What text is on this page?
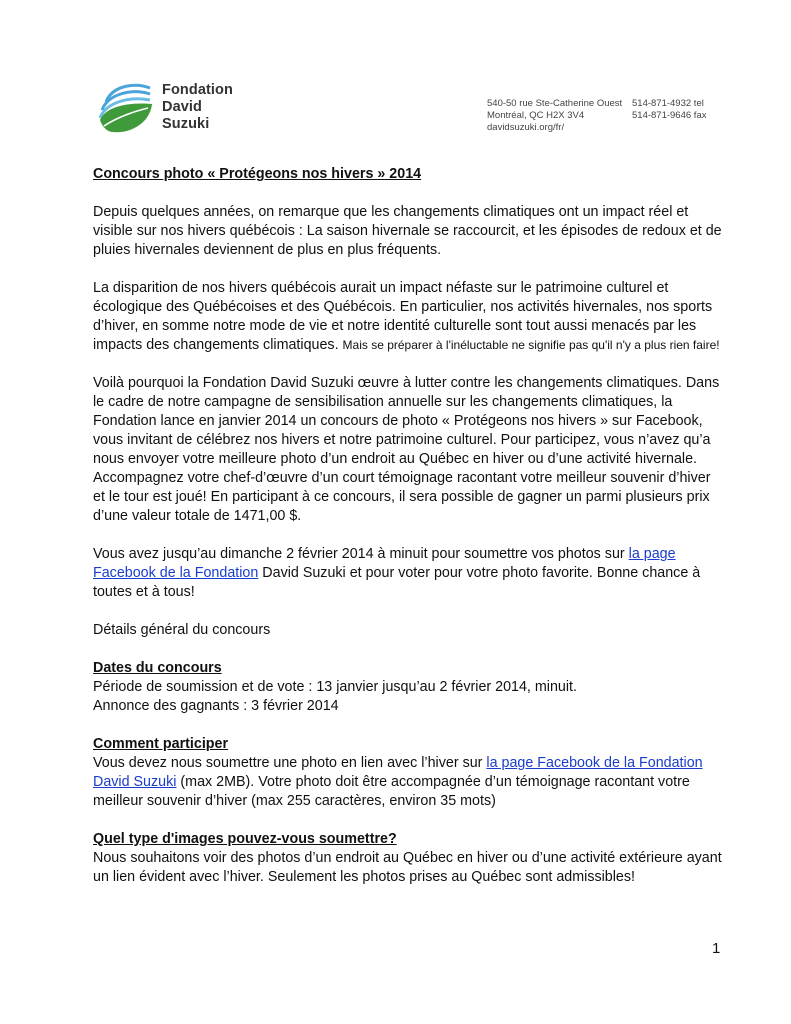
Fondation
David
Suzuki
540-50 rue Ste-Catherine Ouest
Montréal, QC H2X 3V4
davidsuzuki.org/fr/
514-871-4932 tel
514-871-9646 fax

Concours photo « Protégeons nos hivers » 2014

Depuis quelques années, on remarque que les changements climatiques ont un impact réel et visible sur nos hivers québécois : La saison hivernale se raccourcit, et les épisodes de redoux et de pluies hivernales deviennent de plus en plus fréquents.

La disparition de nos hivers québécois aurait un impact néfaste sur le patrimoine culturel et écologique des Québécoises et des Québécois. En particulier, nos activités hivernales, nos sports d’hiver, en somme notre mode de vie et notre identité culturelle sont tout aussi menacés par les impacts des changements climatiques. Mais se préparer à l'inéluctable ne signifie pas qu'il n'y a plus rien faire!

Voilà pourquoi la Fondation David Suzuki œuvre à lutter contre les changements climatiques. Dans le cadre de notre campagne de sensibilisation annuelle sur les changements climatiques, la Fondation lance en janvier 2014 un concours de photo « Protégeons nos hivers » sur Facebook, vous invitant de célébrez nos hivers et notre patrimoine culturel. Pour participez, vous n’avez qu’a nous envoyer votre meilleure photo d’un endroit au Québec en hiver ou d’une activité hivernale. Accompagnez votre chef-d’œuvre d’un court témoignage racontant votre meilleur souvenir d’hiver et le tour est joué! En participant à ce concours, il sera possible de gagner un parmi plusieurs prix d’une valeur totale de 1471,00 $.

Vous avez jusqu’au dimanche 2 février 2014 à minuit pour soumettre vos photos sur la page Facebook de la Fondation David Suzuki et pour voter pour votre photo favorite. Bonne chance à toutes et à tous!

Détails général du concours

Dates du concours
Période de soumission et de vote : 13 janvier jusqu’au 2 février 2014, minuit.
Annonce des gagnants : 3 février 2014

Comment participer
Vous devez nous soumettre une photo en lien avec l’hiver sur la page Facebook de la Fondation David Suzuki (max 2MB). Votre photo doit être accompagnée d’un témoignage racontant votre meilleur souvenir d’hiver (max 255 caractères, environ 35 mots)

Quel type d'images pouvez-vous soumettre?
Nous souhaitons voir des photos d’un endroit au Québec en hiver ou d’une activité extérieure ayant un lien évident avec l’hiver. Seulement les photos prises au Québec sont admissibles!

1
